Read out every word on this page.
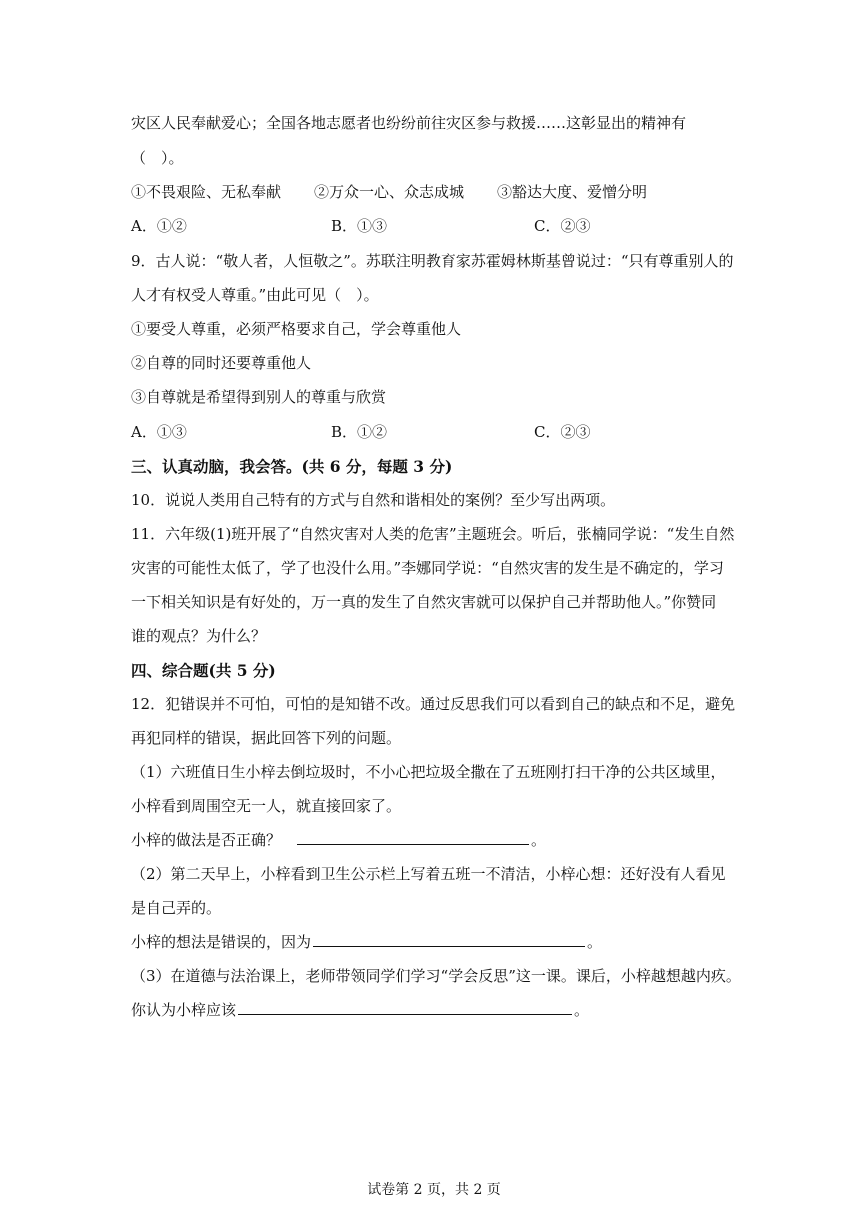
灾区人民奉献爱心；全国各地志愿者也纷纷前往灾区参与救援……这彰显出的精神有
（　）。
①不畏艰险、无私奉献 ②万众一心、众志成城 ③豁达大度、爱憎分明
A．①②	B．①③	C．②③
9．古人说：“敬人者，人恒敬之”。苏联注明教育家苏霍姆林斯基曾说过：“只有尊重别人的
人才有权受人尊重。”由此可见（　）。
①要受人尊重，必须严格要求自己，学会尊重他人
②自尊的同时还要尊重他人
③自尊就是希望得到别人的尊重与欣赏
A．①③	B．①②	C．②③
三、认真动脑，我会答。(共 6 分，每题 3 分)
10．说说人类用自己特有的方式与自然和谐相处的案例？至少写出两项。
11．六年级(1)班开展了“自然灾害对人类的危害”主题班会。听后，张楠同学说：“发生自然
灾害的可能性太低了，学了也没什么用。”李娜同学说：“自然灾害的发生是不确定的，学习
一下相关知识是有好处的，万一真的发生了自然灾害就可以保护自己并帮助他人。”你赞同
谁的观点？为什么？
四、综合题(共 5 分)
12．犯错误并不可怕，可怕的是知错不改。通过反思我们可以看到自己的缺点和不足，避免
再犯同样的错误，据此回答下列的问题。
（1）六班值日生小梓去倒垃圾时，不小心把垃圾全撒在了五班刚打扫干净的公共区域里，
小梓看到周围空无一人，就直接回家了。
小梓的做法是否正确？	。
（2）第二天早上，小梓看到卫生公示栏上写着五班一不清洁，小梓心想：还好没有人看见
是自己弄的。
小梓的想法是错误的，因为	。
（3）在道德与法治课上，老师带领同学们学习“学会反思”这一课。课后，小梓越想越内疚。
你认为小梓应该	。
试卷第 2 页，共 2 页
